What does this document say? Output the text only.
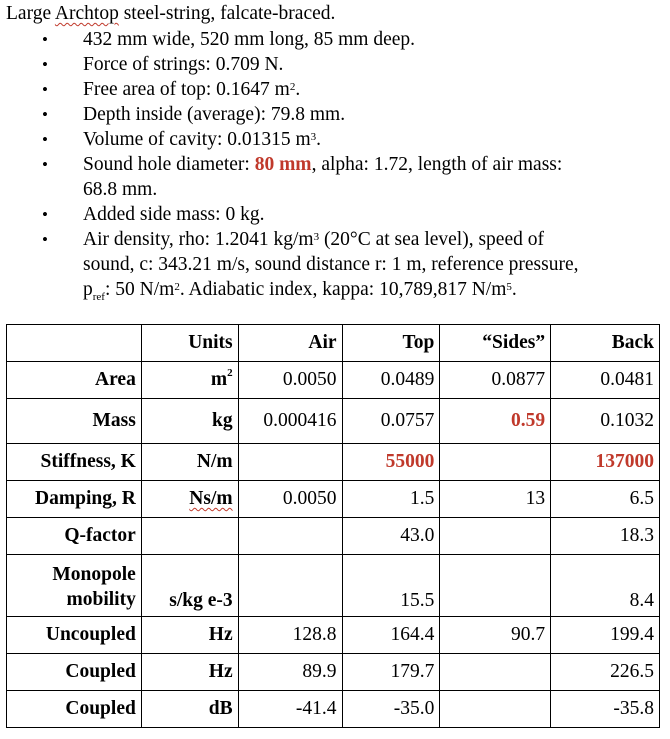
Large Archtop steel-string, falcate-braced.
• 432 mm wide, 520 mm long, 85 mm deep.
• Force of strings: 0.709 N.
• Free area of top: 0.1647 $m^2$.
• Depth inside (average): 79.8 mm.
• Volume of cavity: 0.01315 $m^3$.
• Sound hole diameter: 80 mm, alpha: 1.72, length of air mass:
68.8 mm.
• Added side mass: 0 kg.
• Air density, rho: 1.2041 $kg/m^3$ (20°C at sea level), speed of
sound, c: 343.21 m/s, sound distance r: 1 m, reference pressure,
$p_{ref}$: 50 $N/m^2$. Adiabatic index, kappa: 10,789,817 $N/m^5$.
	Units	Air	Top	“Sides”	Back
Area	$m^2$	0.0050	0.0489	0.0877	0.0481
Mass	kg	0.000416	0.0757	0.59	0.1032
Stiffness, K	N/m		55000		137000
Damping, R	Ns/m	0.0050	1.5	13	6.5
Q-factor			43.0		18.3
Monopole
mobility	s/kg e-3		15.5		8.4
Uncoupled	Hz	128.8	164.4	90.7	199.4
Coupled	Hz	89.9	179.7		226.5
Coupled	dB	-41.4	-35.0		-35.8
